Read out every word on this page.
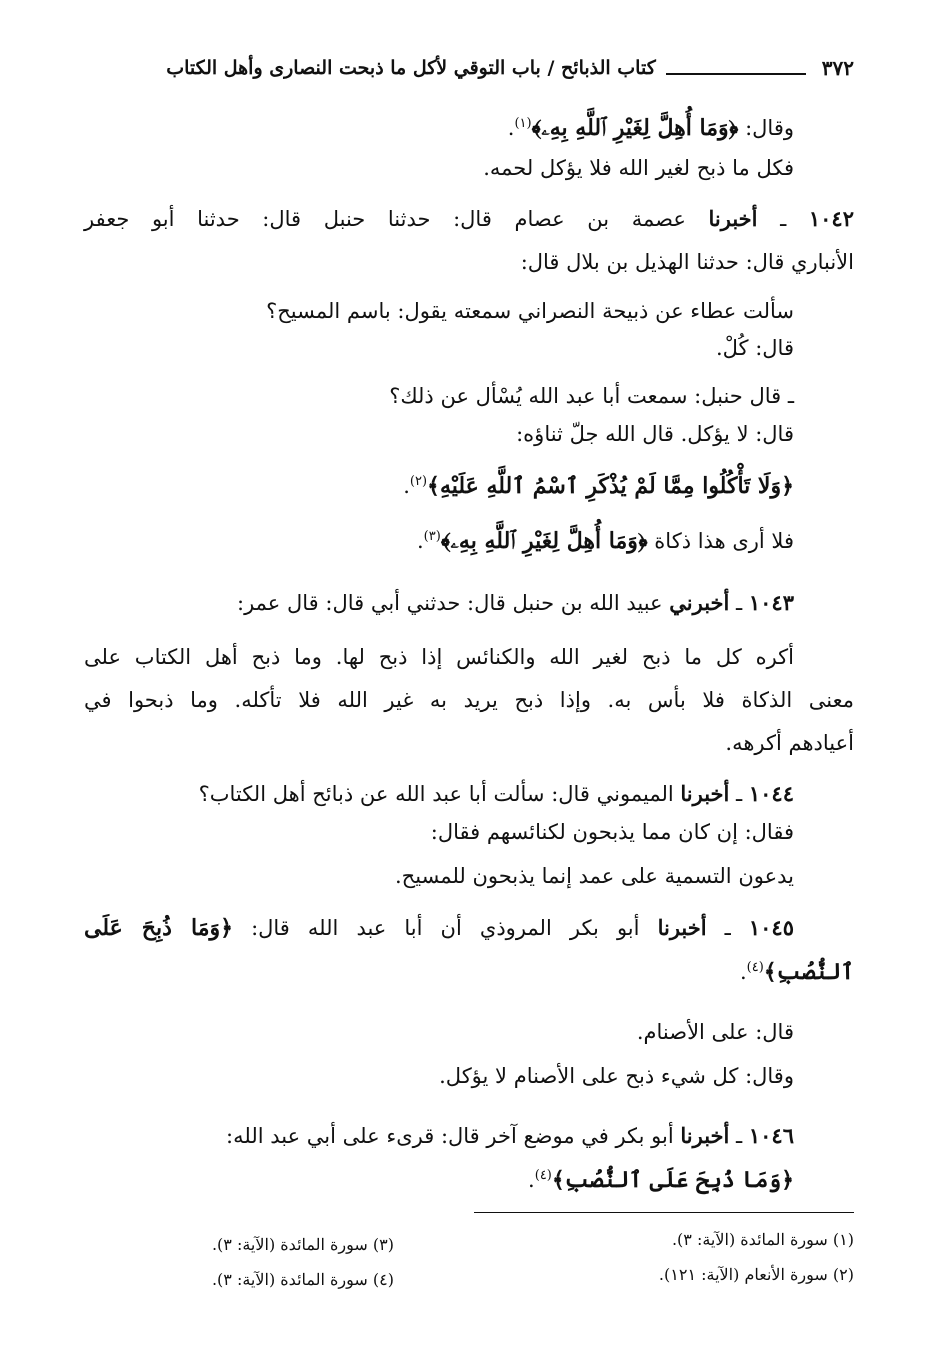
٣٧٢
كتاب الذبائح / باب التوقي لأكل ما ذبحت النصارى وأهل الكتاب
وقال: ﴿وَمَا أُهِلَّ لِغَيْرِ ٱللَّهِ بِهِۦ﴾$^{(١)}$.
فكل ما ذبح لغير الله فلا يؤكل لحمه.
١٠٤٢ ـ أخبرنا عصمة بن عصام قال: حدثنا حنبل قال: حدثنا أبو جعفر
الأنباري قال: حدثنا الهذيل بن بلال قال:
سألت عطاء عن ذبيحة النصراني سمعته يقول: باسم المسيح؟
قال: كُلْ.
ـ قال حنبل: سمعت أبا عبد الله يُسْأل عن ذلك؟
قال: لا يؤكل. قال الله جلّ ثناؤه:
﴿وَلَا تَأْكُلُوا مِمَّا لَمْ يُذْكَرِ ٱسْمُ ٱللَّهِ عَلَيْهِ﴾$^{(٢)}$.
فلا أرى هذا ذكاة ﴿وَمَا أُهِلَّ لِغَيْرِ ٱللَّهِ بِهِۦ﴾$^{(٣)}$.
١٠٤٣ ـ أخبرني عبيد الله بن حنبل قال: حدثني أبي قال: قال عمر:
أكره كل ما ذبح لغير الله والكنائس إذا ذبح لها. وما ذبح أهل الكتاب على
معنى الذكاة فلا بأس به. وإذا ذبح يريد به غير الله فلا تأكله. وما ذبحوا في
أعيادهم أكرهه.
١٠٤٤ ـ أخبرنا الميموني قال: سألت أبا عبد الله عن ذبائح أهل الكتاب؟
فقال: إن كان مما يذبحون لكنائسهم فقال:
يدعون التسمية على عمد إنما يذبحون للمسيح.
١٠٤٥ ـ أخبرنا أبو بكر المروذي أن أبا عبد الله قال: ﴿وَمَا ذُبِحَ عَلَى
ٱلنُّصُبِ﴾$^{(٤)}$.
قال: على الأصنام.
وقال: كل شيء ذبح على الأصنام لا يؤكل.
١٠٤٦ ـ أخبرنا أبو بكر في موضع آخر قال: قرىء على أبي عبد الله:
﴿وَمَا ذُبِحَ عَلَى ٱلنُّصُبِ﴾$^{(٤)}$.
(١) سورة المائدة (الآية: ٣).
(٢) سورة الأنعام (الآية: ١٢١).
(٣) سورة المائدة (الآية: ٣).
(٤) سورة المائدة (الآية: ٣).
